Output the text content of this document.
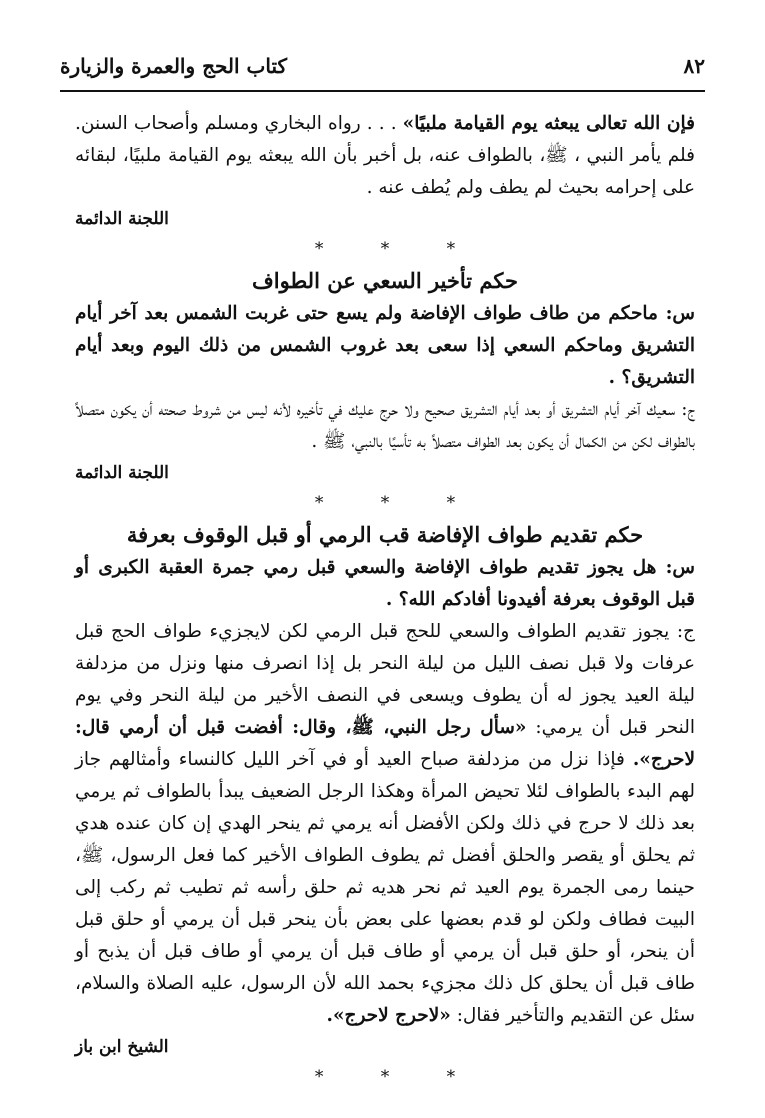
٨٢
كتاب الحج والعمرة والزيارة

فإن الله تعالى يبعثه يوم القيامة ملبيًا» . . . رواه البخاري ومسلم وأصحاب السنن. فلم يأمر النبي ، ﷺ، بالطواف عنه، بل أخبر بأن الله يبعثه يوم القيامة ملبيًا، لبقائه على إحرامه بحيث لم يطف ولم يُطف عنه .

اللجنة الدائمة

* * *

حكم تأخير السعي عن الطواف

س: ماحكم من طاف طواف الإفاضة ولم يسع حتى غربت الشمس بعد آخر أيام التشريق وماحكم السعي إذا سعى بعد غروب الشمس من ذلك اليوم وبعد أيام التشريق؟ .

ج: سعيك آخر أيام التشريق أو بعد أيام التشريق صحيح ولا حرج عليك في تأخيره لأنه ليس من شروط صحته أن يكون متصلاً بالطواف لكن من الكمال أن يكون بعد الطواف متصلاً به تأسيًا بالنبي، ﷺ .

اللجنة الدائمة

* * *

حكم تقديم طواف الإفاضة قب الرمي أو قبل الوقوف بعرفة

س: هل يجوز تقديم طواف الإفاضة والسعي قبل رمي جمرة العقبة الكبرى أو قبل الوقوف بعرفة أفيدونا أفادكم الله؟ .

ج: يجوز تقديم الطواف والسعي للحج قبل الرمي لكن لايجزيء طواف الحج قبل عرفات ولا قبل نصف الليل من ليلة النحر بل إذا انصرف منها ونزل من مزدلفة ليلة العيد يجوز له أن يطوف ويسعى في النصف الأخير من ليلة النحر وفي يوم النحر قبل أن يرمي: «سأل رجل النبي، ﷺ، وقال: أفضت قبل أن أرمي قال: لاحرج». فإذا نزل من مزدلفة صباح العيد أو في آخر الليل كالنساء وأمثالهم جاز لهم البدء بالطواف لئلا تحيض المرأة وهكذا الرجل الضعيف يبدأ بالطواف ثم يرمي بعد ذلك لا حرج في ذلك ولكن الأفضل أنه يرمي ثم ينحر الهدي إن كان عنده هدي ثم يحلق أو يقصر والحلق أفضل ثم يطوف الطواف الأخير كما فعل الرسول، ﷺ، حينما رمى الجمرة يوم العيد ثم نحر هديه ثم حلق رأسه ثم تطيب ثم ركب إلى البيت فطاف ولكن لو قدم بعضها على بعض بأن ينحر قبل أن يرمي أو حلق قبل أن ينحر، أو حلق قبل أن يرمي أو طاف قبل أن يرمي أو طاف قبل أن يذبح أو طاف قبل أن يحلق كل ذلك مجزيء بحمد الله لأن الرسول، عليه الصلاة والسلام، سئل عن التقديم والتأخير فقال: «لاحرج لاحرج».

الشيخ ابن باز

* * *
